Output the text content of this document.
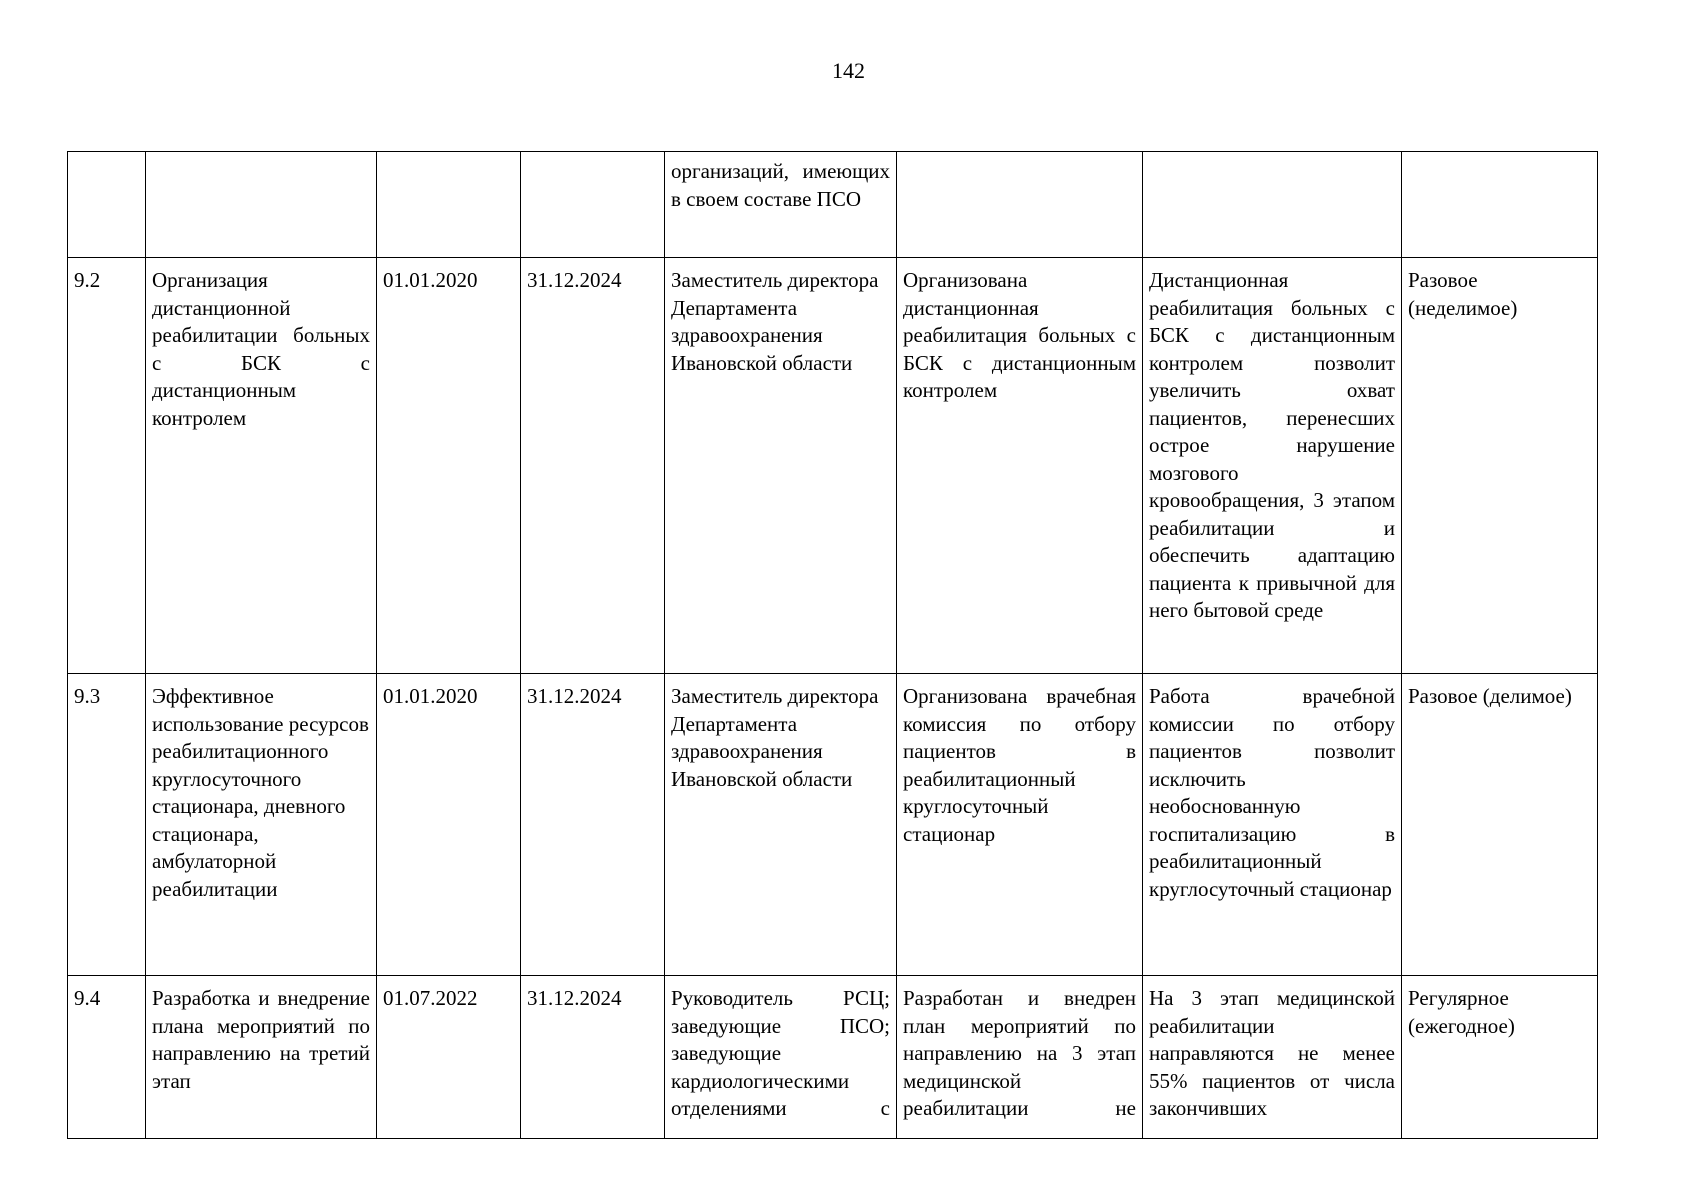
142

				организаций, имеющих в своем составе ПСО			

9.2	Организация дистанционной реабилитации больных с БСК с дистанционным контролем	01.01.2020	31.12.2024	Заместитель директора Департамента здравоохранения Ивановской области	Организована дистанционная реабилитация больных с БСК с дистанционным контролем	Дистанционная реабилитация больных с БСК с дистанционным контролем позволит увеличить охват пациентов, перенесших острое нарушение мозгового кровообращения, 3 этапом реабилитации и обеспечить адаптацию пациента к привычной для него бытовой среде	Разовое (неделимое)

9.3	Эффективное использование ресурсов реабилитационного круглосуточного стационара, дневного стационара, амбулаторной реабилитации	01.01.2020	31.12.2024	Заместитель директора Департамента здравоохранения Ивановской области	Организована врачебная комиссия по отбору пациентов в реабилитационный круглосуточный стационар	Работа врачебной комиссии по отбору пациентов позволит исключить необоснованную госпитализацию в реабилитационный круглосуточный стационар	Разовое (делимое)

9.4	Разработка и внедрение плана мероприятий по направлению на третий этап	01.07.2022	31.12.2024	Руководитель РСЦ; заведующие ПСО; заведующие кардиологическими отделениями с	Разработан и внедрен план мероприятий по направлению на 3 этап медицинской реабилитации не	На 3 этап медицинской реабилитации направляются не менее 55% пациентов от числа закончивших	Регулярное (ежегодное)
